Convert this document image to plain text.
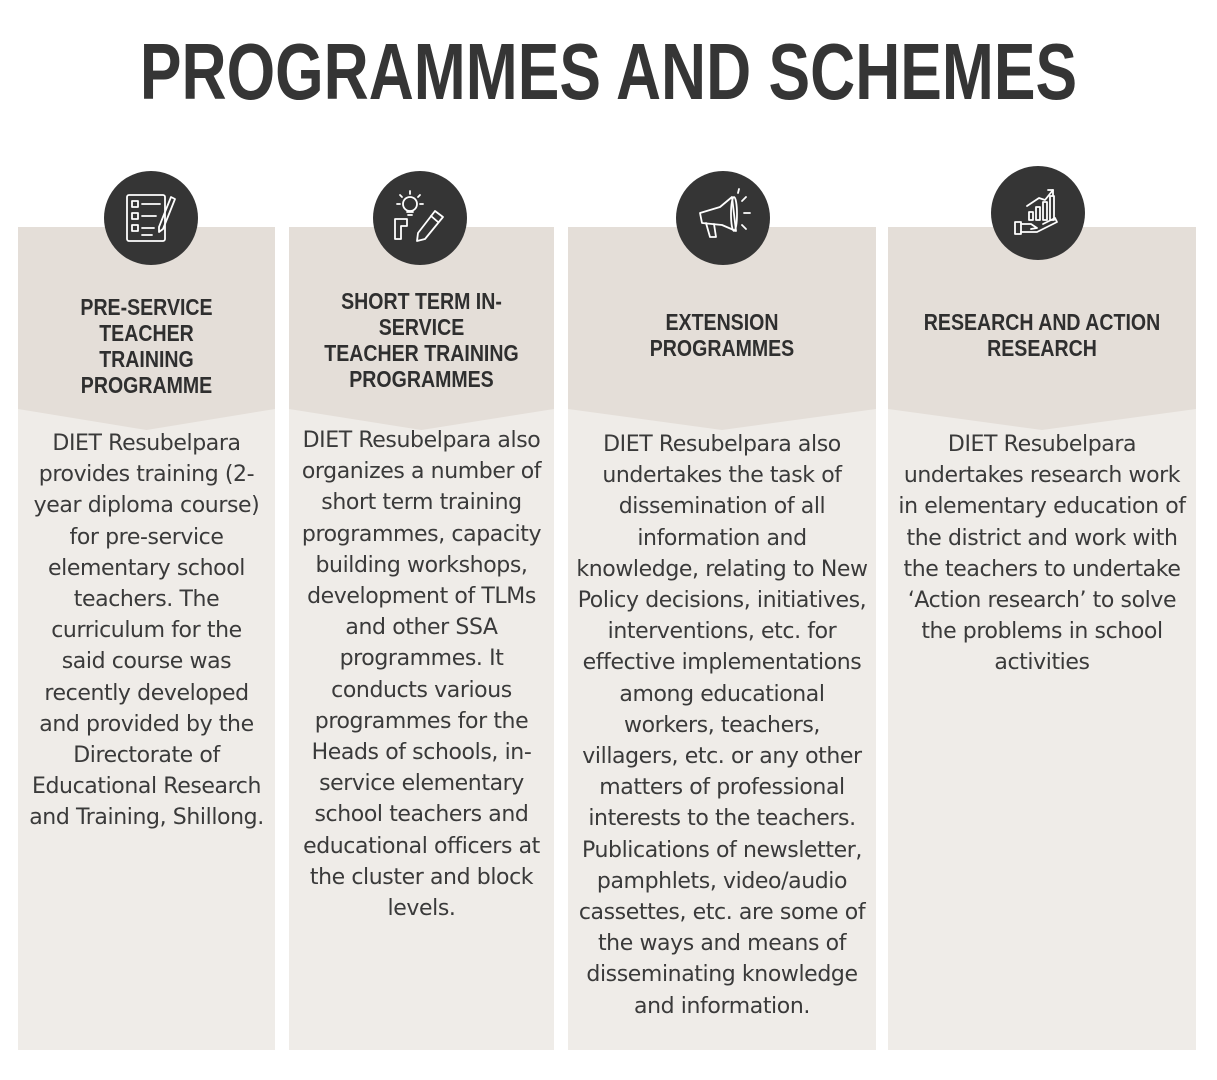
PROGRAMMES AND SCHEMES
PRE-SERVICE TEACHER
TRAINING PROGRAMME
DIET Resubelpara provides training (2-year diploma course) for pre-service elementary school teachers. The curriculum for the said course was recently developed and provided by the Directorate of Educational Research and Training, Shillong.
SHORT TERM IN-SERVICE
TEACHER TRAINING
PROGRAMMES
DIET Resubelpara also organizes a number of short term training programmes, capacity building workshops, development of TLMs and other SSA programmes. It conducts various programmes for the Heads of schools, in-service elementary school teachers and educational officers at the cluster and block levels.
EXTENSION PROGRAMMES
DIET Resubelpara also undertakes the task of dissemination of all information and knowledge, relating to New Policy decisions, initiatives, interventions, etc. for effective implementations among educational workers, teachers, villagers, etc. or any other matters of professional interests to the teachers. Publications of newsletter, pamphlets, video/audio cassettes, etc. are some of the ways and means of disseminating knowledge and information.
RESEARCH AND ACTION
RESEARCH
DIET Resubelpara undertakes research work in elementary education of the district and work with the teachers to undertake ‘Action research’ to solve the problems in school activities
